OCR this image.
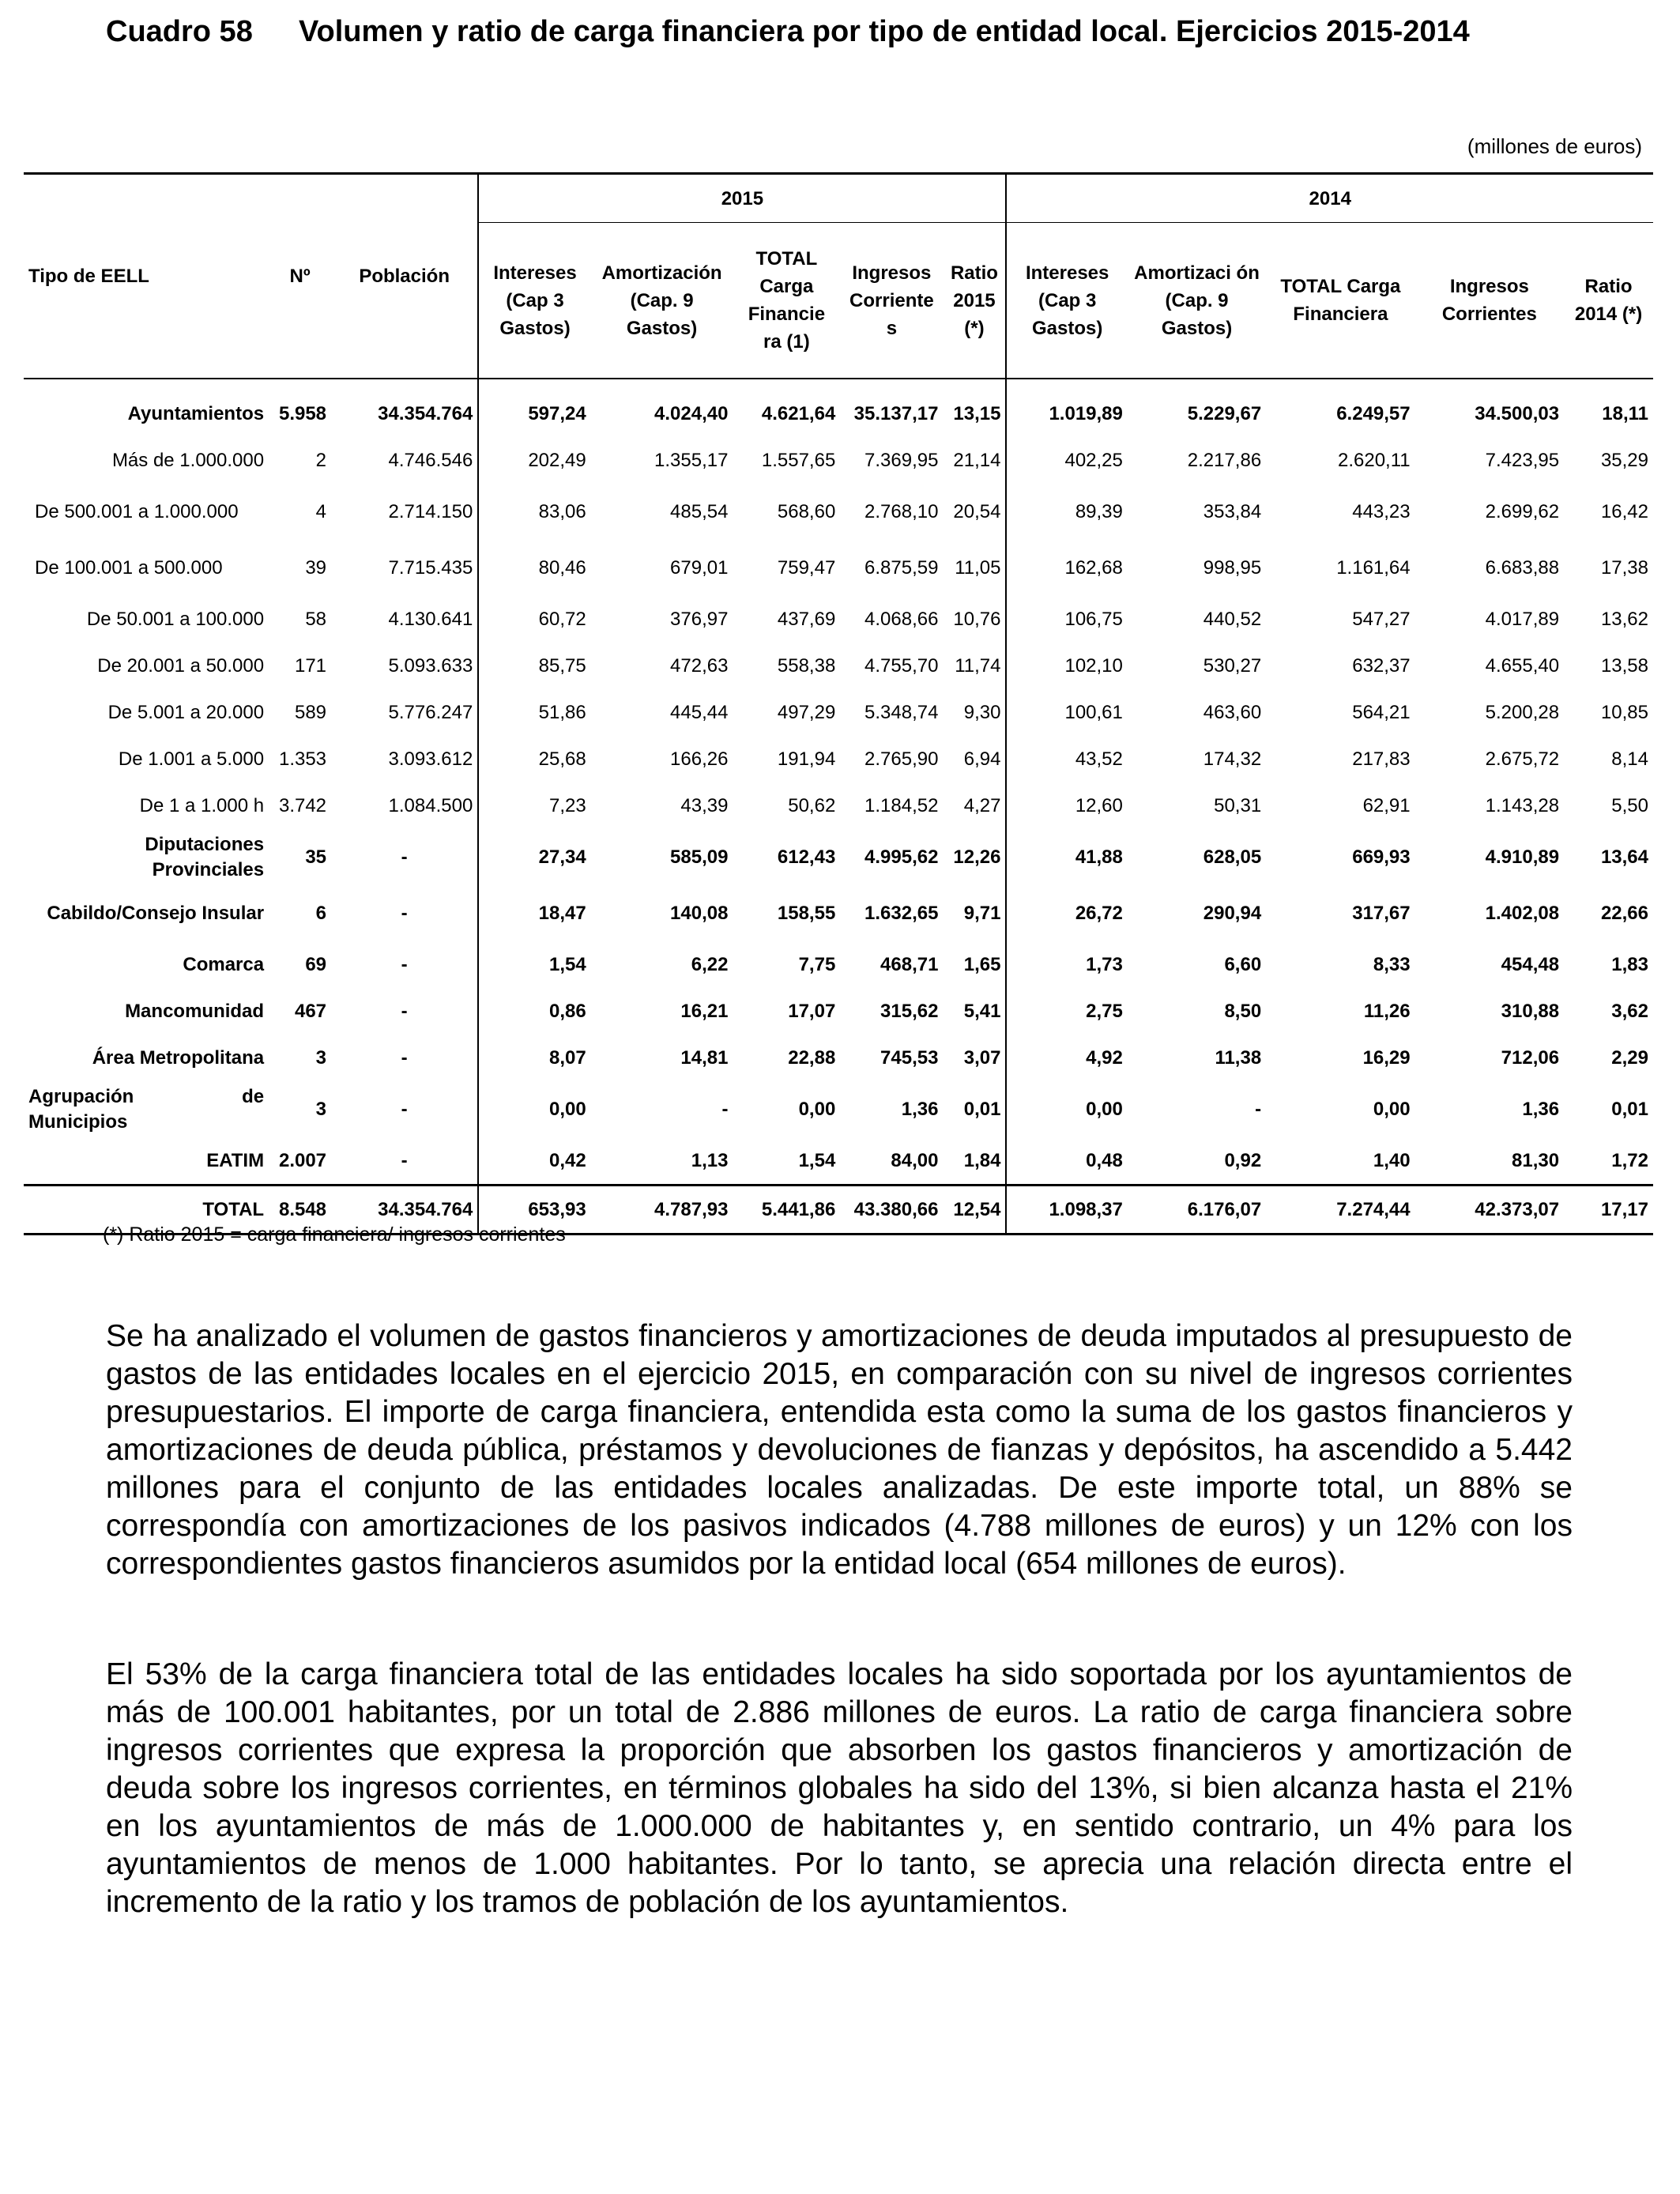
Cuadro 58 Volumen y ratio de carga financiera por tipo de entidad local. Ejercicios 2015-2014
(millones de euros)
Tipo de EELL	Nº	Población	2015					2014				
			Intereses (Cap 3 Gastos)	Amortización (Cap. 9 Gastos)	TOTAL Carga Financie ra (1)	Ingresos Corriente s	Ratio 2015 (*)	Intereses (Cap 3 Gastos)	Amortizaci ón (Cap. 9 Gastos)	TOTAL Carga Financiera	Ingresos Corrientes	Ratio 2014 (*)
Ayuntamientos	5.958	34.354.764	597,24	4.024,40	4.621,64	35.137,17	13,15	1.019,89	5.229,67	6.249,57	34.500,03	18,11
Más de 1.000.000	2	4.746.546	202,49	1.355,17	1.557,65	7.369,95	21,14	402,25	2.217,86	2.620,11	7.423,95	35,29
De 500.001 a 1.000.000	4	2.714.150	83,06	485,54	568,60	2.768,10	20,54	89,39	353,84	443,23	2.699,62	16,42
De 100.001 a 500.000	39	7.715.435	80,46	679,01	759,47	6.875,59	11,05	162,68	998,95	1.161,64	6.683,88	17,38
De 50.001 a 100.000	58	4.130.641	60,72	376,97	437,69	4.068,66	10,76	106,75	440,52	547,27	4.017,89	13,62
De 20.001 a 50.000	171	5.093.633	85,75	472,63	558,38	4.755,70	11,74	102,10	530,27	632,37	4.655,40	13,58
De 5.001 a 20.000	589	5.776.247	51,86	445,44	497,29	5.348,74	9,30	100,61	463,60	564,21	5.200,28	10,85
De 1.001 a 5.000	1.353	3.093.612	25,68	166,26	191,94	2.765,90	6,94	43,52	174,32	217,83	2.675,72	8,14
De 1 a 1.000 h	3.742	1.084.500	7,23	43,39	50,62	1.184,52	4,27	12,60	50,31	62,91	1.143,28	5,50
Diputaciones Provinciales	35	-	27,34	585,09	612,43	4.995,62	12,26	41,88	628,05	669,93	4.910,89	13,64
Cabildo/Consejo Insular	6	-	18,47	140,08	158,55	1.632,65	9,71	26,72	290,94	317,67	1.402,08	22,66
Comarca	69	-	1,54	6,22	7,75	468,71	1,65	1,73	6,60	8,33	454,48	1,83
Mancomunidad	467	-	0,86	16,21	17,07	315,62	5,41	2,75	8,50	11,26	310,88	3,62
Área Metropolitana	3	-	8,07	14,81	22,88	745,53	3,07	4,92	11,38	16,29	712,06	2,29
Agrupación de Municipios	3	-	0,00	-	0,00	1,36	0,01	0,00	-	0,00	1,36	0,01
EATIM	2.007	-	0,42	1,13	1,54	84,00	1,84	0,48	0,92	1,40	81,30	1,72
TOTAL	8.548	34.354.764	653,93	4.787,93	5.441,86	43.380,66	12,54	1.098,37	6.176,07	7.274,44	42.373,07	17,17
(*) Ratio 2015 = carga financiera/ ingresos corrientes

Se ha analizado el volumen de gastos financieros y amortizaciones de deuda imputados al presupuesto de gastos de las entidades locales en el ejercicio 2015, en comparación con su nivel de ingresos corrientes presupuestarios. El importe de carga financiera, entendida esta como la suma de los gastos financieros y amortizaciones de deuda pública, préstamos y devoluciones de fianzas y depósitos, ha ascendido a 5.442 millones para el conjunto de las entidades locales analizadas. De este importe total, un 88% se correspondía con amortizaciones de los pasivos indicados (4.788 millones de euros) y un 12% con los correspondientes gastos financieros asumidos por la entidad local (654 millones de euros).

El 53% de la carga financiera total de las entidades locales ha sido soportada por los ayuntamientos de más de 100.001 habitantes, por un total de 2.886 millones de euros. La ratio de carga financiera sobre ingresos corrientes que expresa la proporción que absorben los gastos financieros y amortización de deuda sobre los ingresos corrientes, en términos globales ha sido del 13%, si bien alcanza hasta el 21% en los ayuntamientos de más de 1.000.000 de habitantes y, en sentido contrario, un 4% para los ayuntamientos de menos de 1.000 habitantes. Por lo tanto, se aprecia una relación directa entre el incremento de la ratio y los tramos de población de los ayuntamientos.
